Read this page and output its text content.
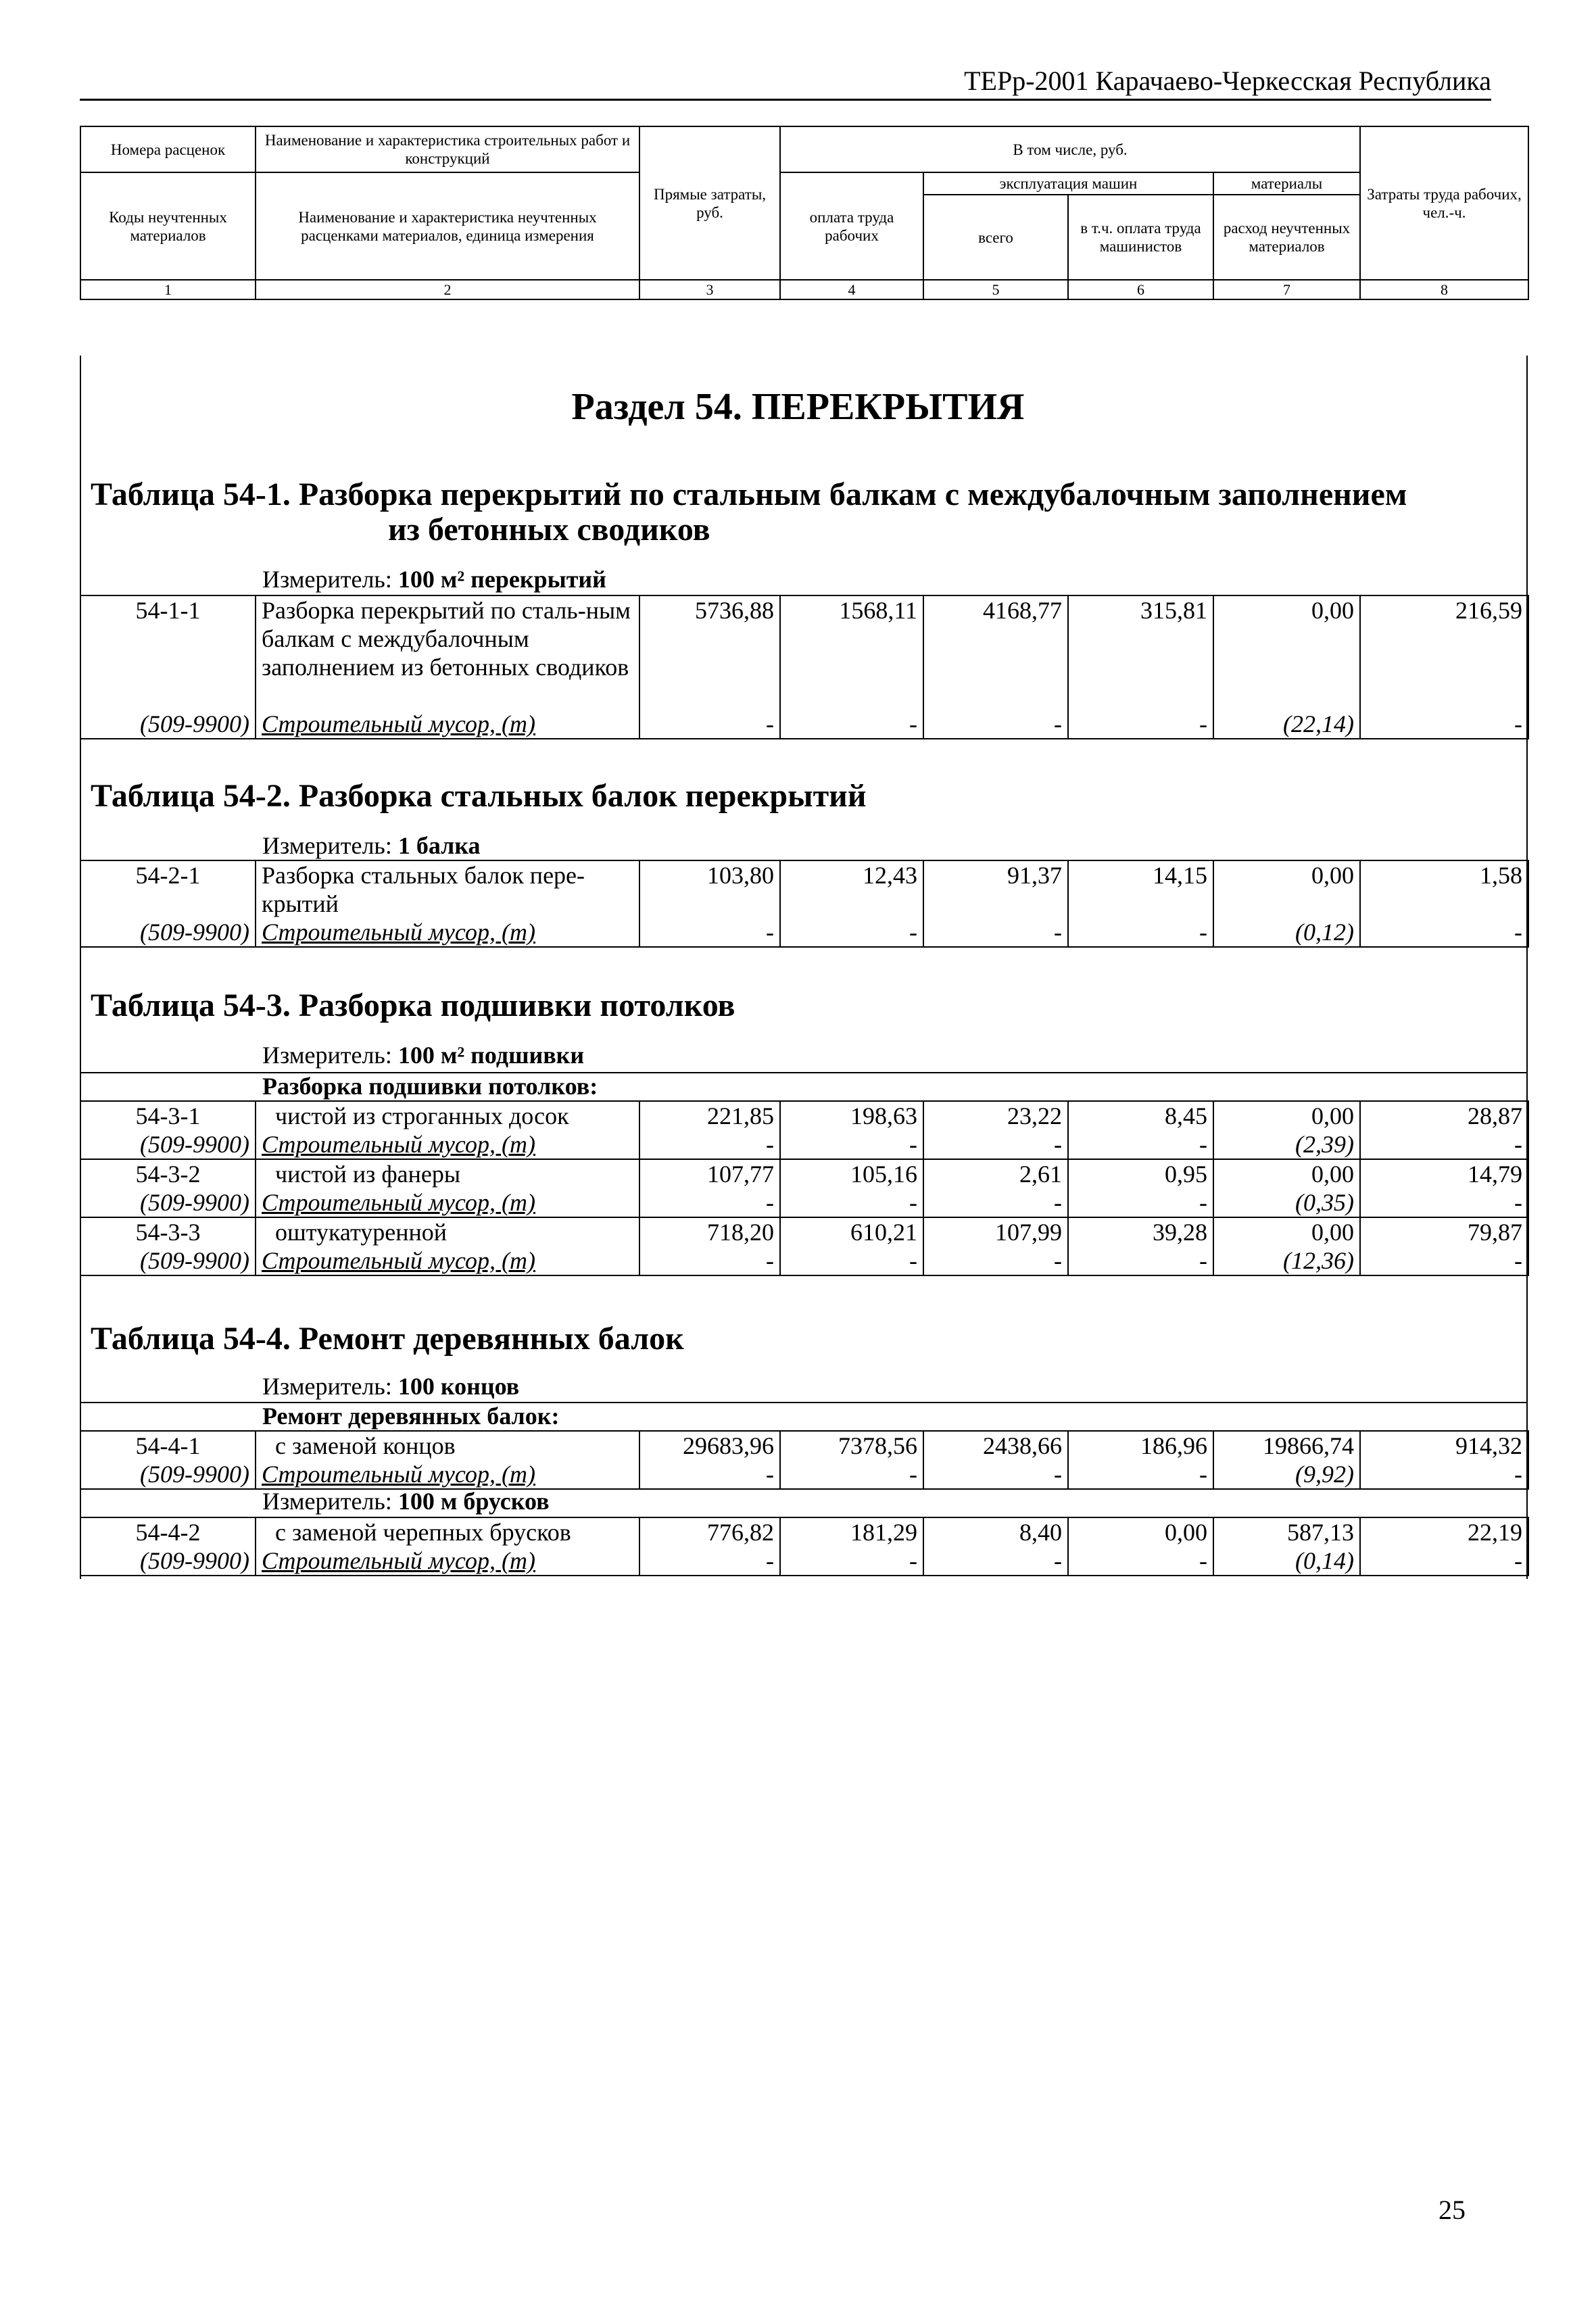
ТЕРр-2001 Карачаево-Черкесская Республика
Номера расценок	Наименование и характеристика строительных работ и конструкций	Прямые затраты, руб.	В том числе, руб.				Затраты труда рабочих, чел.-ч.
Коды неучтенных материалов	Наименование и характеристика неучтенных расценками материалов, единица измерения		оплата труда рабочих	эксплуатация машин		материалы	
				всего	в т.ч. оплата труда машинистов	расход неучтенных материалов	
1	2	3	4	5	6	7	8
Раздел 54. ПЕРЕКРЫТИЯ
Таблица 54-1. Разборка перекрытий по стальным балкам с междубалочным заполнением
из бетонных сводиков
Измеритель: 100 м² перекрытий
54-1-1	Разборка перекрытий по сталь-ным балкам с междубалочным заполнением из бетонных сводиков	5736,88	1568,11	4168,77	315,81	0,00	216,59
(509-9900)	Строительный мусор, (т)	-	-	-	-	(22,14)	-
Таблица 54-2. Разборка стальных балок перекрытий
Измеритель: 1 балка
54-2-1	Разборка стальных балок пере-крытий	103,80	12,43	91,37	14,15	0,00	1,58
(509-9900)	Строительный мусор, (т)	-	-	-	-	(0,12)	-
Таблица 54-3. Разборка подшивки потолков
Измеритель: 100 м² подшивки
Разборка подшивки потолков:
54-3-1	чистой из строганных досок	221,85	198,63	23,22	8,45	0,00	28,87
(509-9900)	Строительный мусор, (т)	-	-	-	-	(2,39)	-
54-3-2	чистой из фанеры	107,77	105,16	2,61	0,95	0,00	14,79
(509-9900)	Строительный мусор, (т)	-	-	-	-	(0,35)	-
54-3-3	оштукатуренной	718,20	610,21	107,99	39,28	0,00	79,87
(509-9900)	Строительный мусор, (т)	-	-	-	-	(12,36)	-
Таблица 54-4. Ремонт деревянных балок
Измеритель: 100 концов
Ремонт деревянных балок:
54-4-1	с заменой концов	29683,96	7378,56	2438,66	186,96	19866,74	914,32
(509-9900)	Строительный мусор, (т)	-	-	-	-	(9,92)	-
Измеритель: 100 м брусков
54-4-2	с заменой черепных брусков	776,82	181,29	8,40	0,00	587,13	22,19
(509-9900)	Строительный мусор, (т)	-	-	-	-	(0,14)	-
25
